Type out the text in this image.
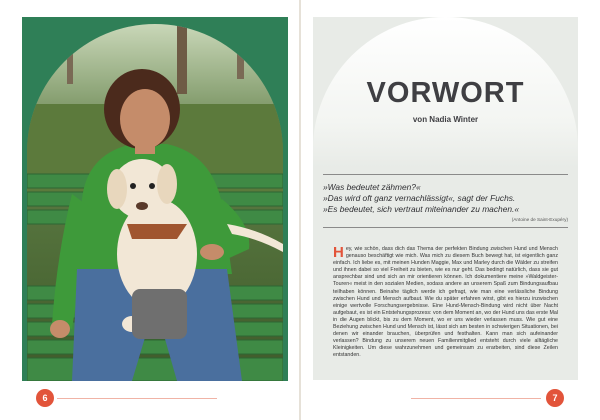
6
VORWORT
von Nadia Winter
»Was bedeutet zähmen?«
»Das wird oft ganz vernachlässigt«, sagt der Fuchs.
»Es bedeutet, sich vertraut miteinander zu machen.«
(Antoine de Saint-Exupéry)
Hey, wie schön, dass dich das Thema der perfekten Bindung zwischen Hund und Mensch genauso beschäftigt wie mich. Was mich zu diesem Buch bewegt hat, ist eigentlich ganz einfach. Ich liebe es, mit meinen Hunden Maggie, Max und Marley durch die Wälder zu streifen und ihnen dabei so viel Freiheit zu bieten, wie es nur geht. Das bedingt natürlich, dass sie gut ansprechbar sind und sich an mir orientieren können. Ich dokumentiere meine »Waldgeister-Touren« meist in den sozialen Medien, sodass andere an unserem Spaß zum Bindungsaufbau teilhaben können. Beinahe täglich werde ich gefragt, wie man eine verlässliche Bindung zwischen Hund und Mensch aufbaut. Wie du später erfahren wirst, gibt es hierzu inzwischen einige wertvolle Forschungsergebnisse. Eine Hund-Mensch-Bindung wird nicht über Nacht aufgebaut, es ist ein Entstehungsprozess: von dem Moment an, wo der Hund uns das erste Mal in die Augen blickt, bis zu dem Moment, wo er uns wieder verlassen muss. Wie gut eine Beziehung zwischen Hund und Mensch ist, lässt sich am besten in schwierigen Situationen, bei denen wir einander brauchen, überprüfen und festhalten. Kann man sich aufeinander verlassen? Bindung zu unserem neuen Familienmitglied entsteht durch viele alltägliche Kleinigkeiten. Um diese wahrzunehmen und gemeinsam zu erarbeiten, sind diese Zeilen entstanden.
7
